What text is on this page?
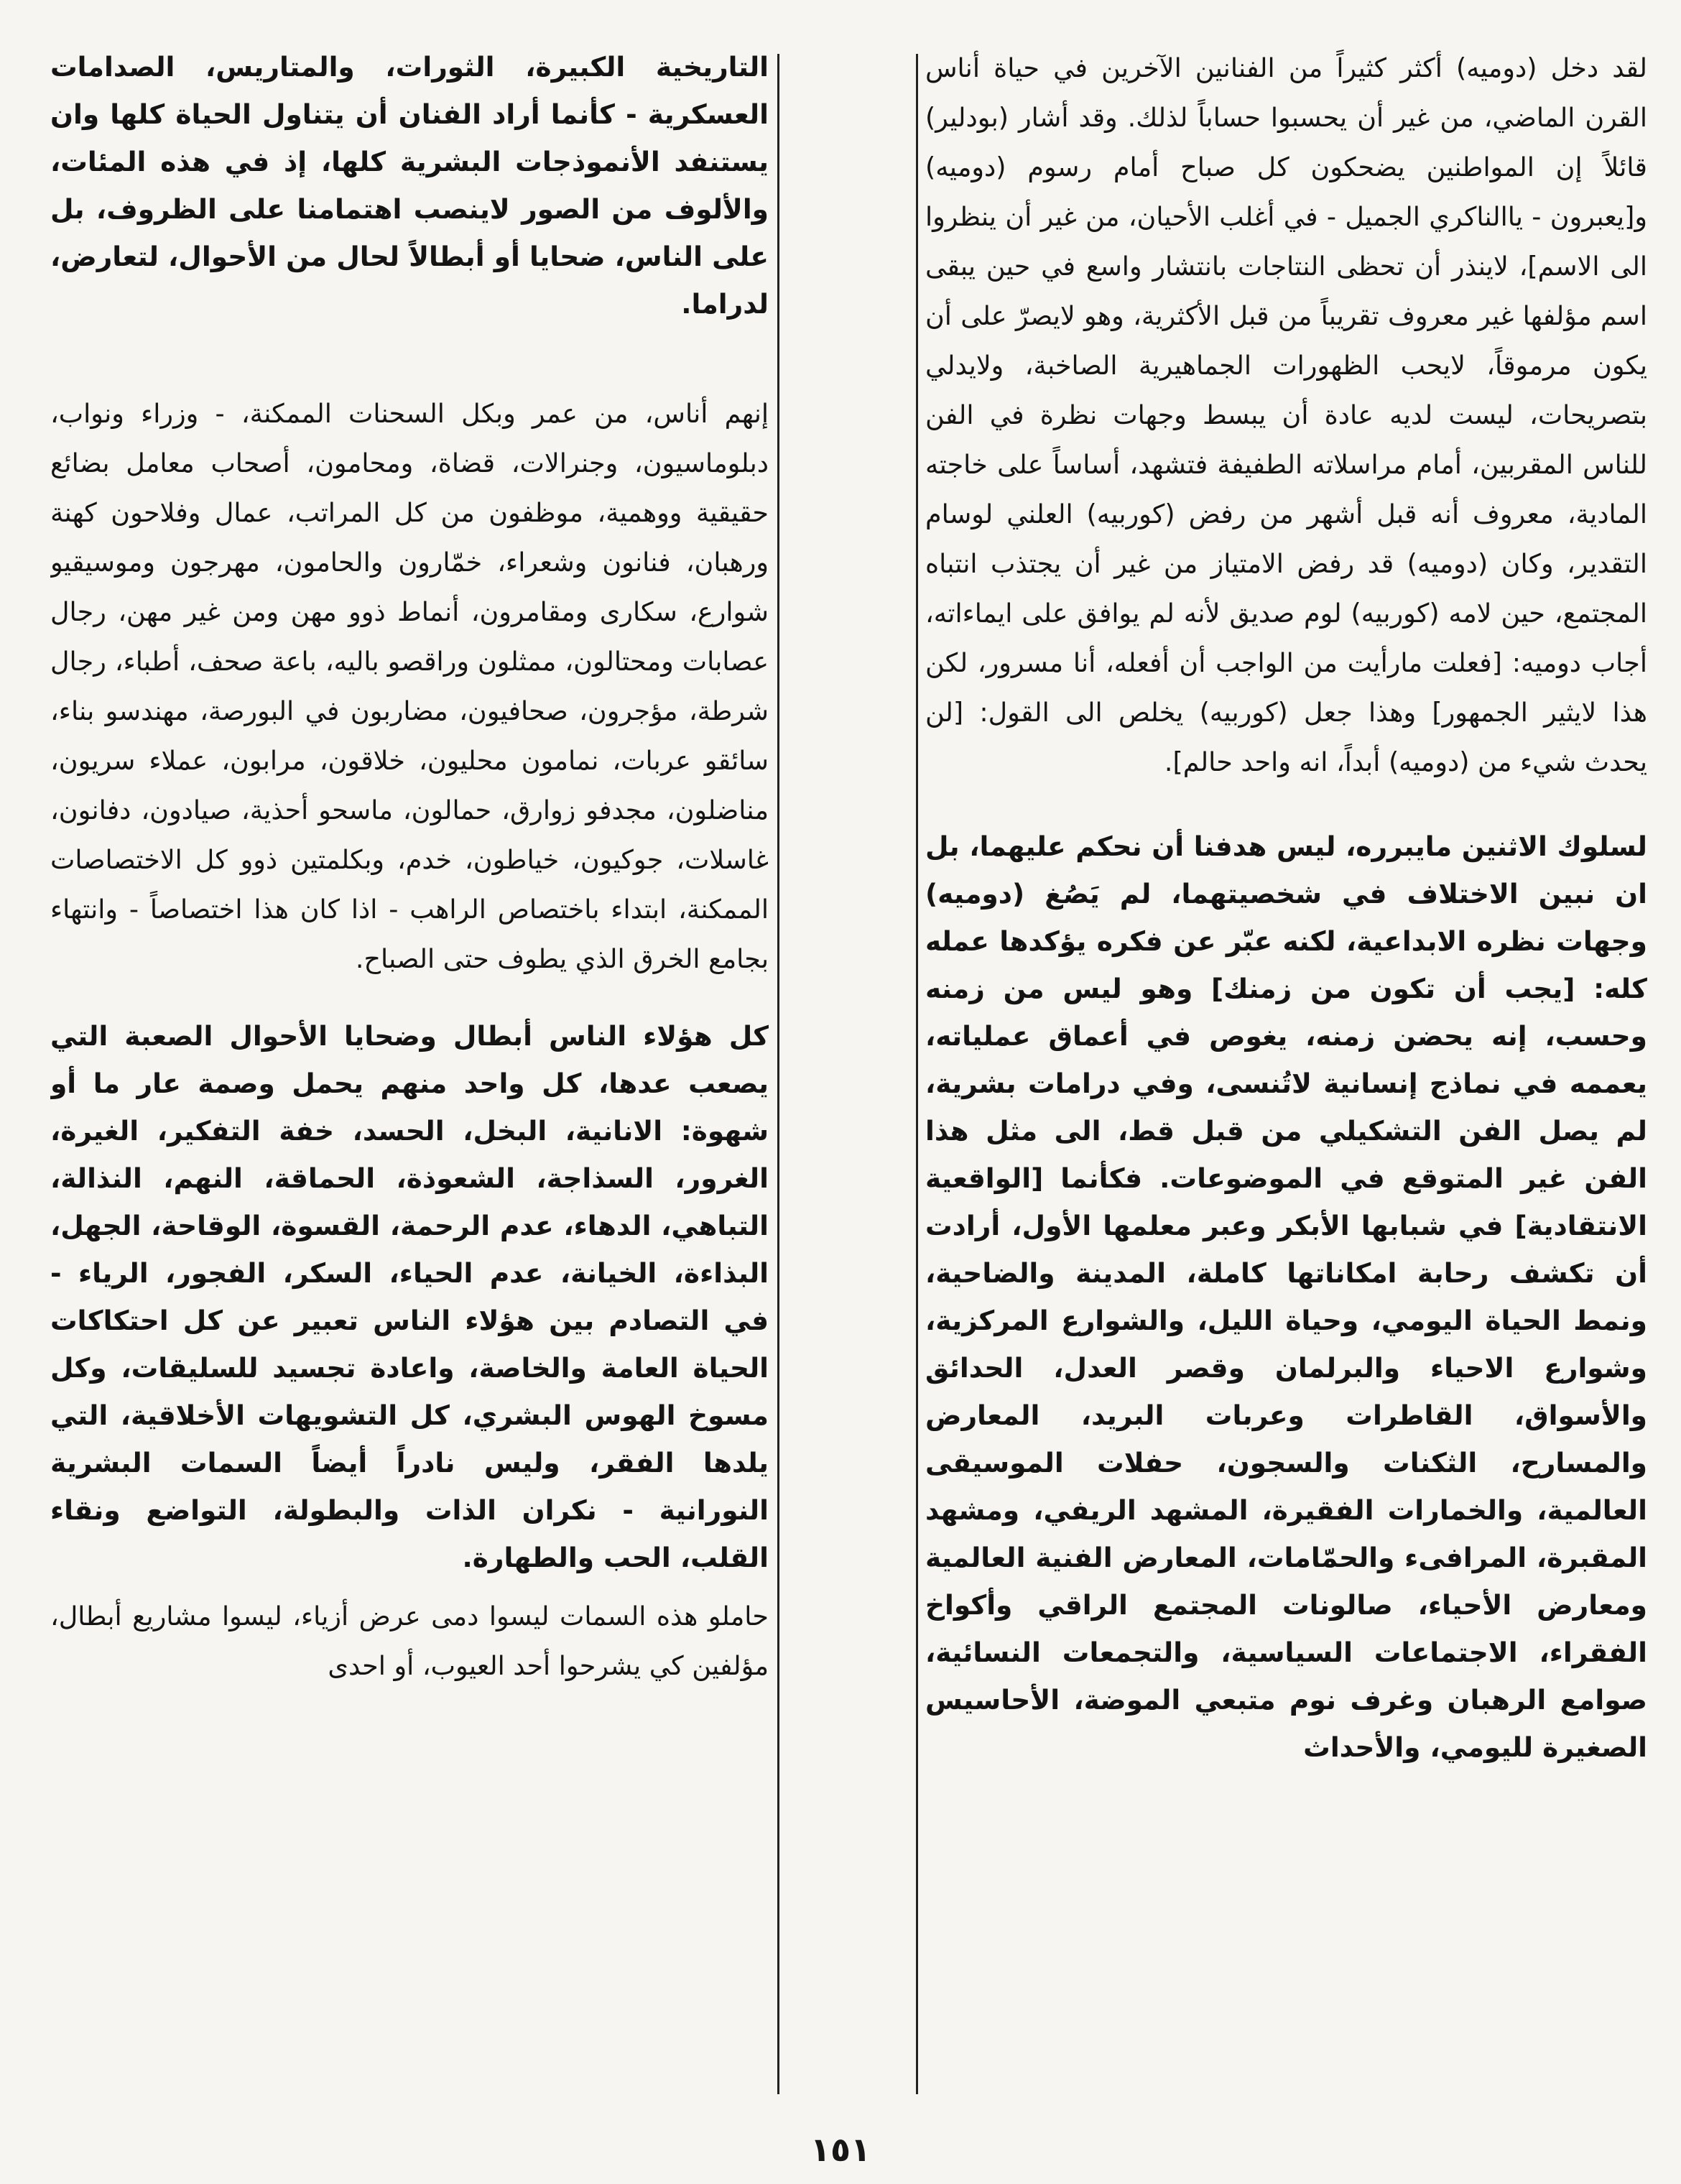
لقد دخل (دوميه) أكثر كثيراً من الفنانين الآخرين في حياة أناس القرن الماضي، من غير أن يحسبوا حساباً لذلك. وقد أشار (بودلير) قائلاً إن المواطنين يضحكون كل صباح أمام رسوم (دوميه) و[يعبرون - ياالناكري الجميل - في أغلب الأحيان، من غير أن ينظروا الى الاسم]، لاينذر أن تحظى النتاجات بانتشار واسع في حين يبقى اسم مؤلفها غير معروف تقريباً من قبل الأكثرية، وهو لايصرّ على أن يكون مرموقاً، لايحب الظهورات الجماهيرية الصاخبة، ولايدلي بتصريحات، ليست لديه عادة أن يبسط وجهات نظرة في الفن للناس المقربين، أمام مراسلاته الطفيفة فتشهد، أساساً على خاجته المادية، معروف أنه قبل أشهر من رفض (كوربيه) العلني لوسام التقدير، وكان (دوميه) قد رفض الامتياز من غير أن يجتذب انتباه المجتمع، حين لامه (كوربيه) لوم صديق لأنه لم يوافق على ايماءاته، أجاب دوميه: [فعلت مارأيت من الواجب أن أفعله، أنا مسرور، لكن هذا لايثير الجمهور] وهذا جعل (كوربيه) يخلص الى القول: [لن يحدث شيء من (دوميه) أبداً، انه واحد حالم].

لسلوك الاثنين مايبرره، ليس هدفنا أن نحكم عليهما، بل ان نبين الاختلاف في شخصيتهما، لم يَصُغ (دوميه) وجهات نظره الابداعية، لكنه عبّر عن فكره يؤكدها عمله كله: [يجب أن تكون من زمنك] وهو ليس من زمنه وحسب، إنه يحضن زمنه، يغوص في أعماق عملياته، يعممه في نماذج إنسانية لاتُنسى، وفي درامات بشرية، لم يصل الفن التشكيلي من قبل قط، الى مثل هذا الفن غير المتوقع في الموضوعات. فكأنما [الواقعية الانتقادية] في شبابها الأبكر وعبر معلمها الأول، أرادت أن تكشف رحابة امكاناتها كاملة، المدينة والضاحية، ونمط الحياة اليومي، وحياة الليل، والشوارع المركزية، وشوارع الاحياء والبرلمان وقصر العدل، الحدائق والأسواق، القاطرات وعربات البريد، المعارض والمسارح، الثكنات والسجون، حفلات الموسيقى العالمية، والخمارات الفقيرة، المشهد الريفي، ومشهد المقبرة، المرافىء والحمّامات، المعارض الفنية العالمية ومعارض الأحياء، صالونات المجتمع الراقي وأكواخ الفقراء، الاجتماعات السياسية، والتجمعات النسائية، صوامع الرهبان وغرف نوم متبعي الموضة، الأحاسيس الصغيرة لليومي، والأحداث

التاريخية الكبيرة، الثورات، والمتاريس، الصدامات العسكرية - كأنما أراد الفنان أن يتناول الحياة كلها وان يستنفد الأنموذجات البشرية كلها، إذ في هذه المئات، والألوف من الصور لاينصب اهتمامنا على الظروف، بل على الناس، ضحايا أو أبطالاً لحال من الأحوال، لتعارض، لدراما.

إنهم أناس، من عمر وبكل السحنات الممكنة، - وزراء ونواب، دبلوماسيون، وجنرالات، قضاة، ومحامون، أصحاب معامل بضائع حقيقية ووهمية، موظفون من كل المراتب، عمال وفلاحون كهنة ورهبان، فنانون وشعراء، خمّارون والحامون، مهرجون وموسيقيو شوارع، سكارى ومقامرون، أنماط ذوو مهن ومن غير مهن، رجال عصابات ومحتالون، ممثلون وراقصو باليه، باعة صحف، أطباء، رجال شرطة، مؤجرون، صحافيون، مضاربون في البورصة، مهندسو بناء، سائقو عربات، نمامون محليون، خلاقون، مرابون، عملاء سريون، مناضلون، مجدفو زوارق، حمالون، ماسحو أحذية، صيادون، دفانون، غاسلات، جوكيون، خياطون، خدم، وبكلمتين ذوو كل الاختصاصات الممكنة، ابتداء باختصاص الراهب - اذا كان هذا اختصاصاً - وانتهاء بجامع الخرق الذي يطوف حتى الصباح.

كل هؤلاء الناس أبطال وضحايا الأحوال الصعبة التي يصعب عدها، كل واحد منهم يحمل وصمة عار ما أو شهوة: الانانية، البخل، الحسد، خفة التفكير، الغيرة، الغرور، السذاجة، الشعوذة، الحماقة، النهم، النذالة، التباهي، الدهاء، عدم الرحمة، القسوة، الوقاحة، الجهل، البذاءة، الخيانة، عدم الحياء، السكر، الفجور، الرياء - في التصادم بين هؤلاء الناس تعبير عن كل احتكاكات الحياة العامة والخاصة، واعادة تجسيد للسليقات، وكل مسوخ الهوس البشري، كل التشويهات الأخلاقية، التي يلدها الفقر، وليس نادراً أيضاً السمات البشرية النورانية - نكران الذات والبطولة، التواضع ونقاء القلب، الحب والطهارة.

حاملو هذه السمات ليسوا دمى عرض أزياء، ليسوا مشاريع أبطال، مؤلفين كي يشرحوا أحد العيوب، أو احدى

١٥١
